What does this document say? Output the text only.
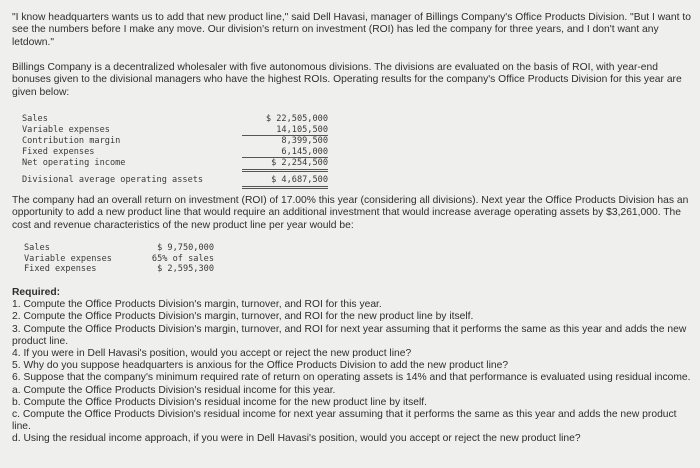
"I know headquarters wants us to add that new product line," said Dell Havasi, manager of Billings Company's Office Products Division. "But I want to see the numbers before I make any move. Our division's return on investment (ROI) has led the company for three years, and I don't want any letdown."
Billings Company is a decentralized wholesaler with five autonomous divisions. The divisions are evaluated on the basis of ROI, with year-end bonuses given to the divisional managers who have the highest ROIs. Operating results for the company's Office Products Division for this year are given below:
Sales	$ 22,505,000
Variable expenses	14,105,500
Contribution margin	8,399,500
Fixed expenses	6,145,000
Net operating income	$ 2,254,500
Divisional average operating assets	$ 4,687,500
The company had an overall return on investment (ROI) of 17.00% this year (considering all divisions). Next year the Office Products Division has an opportunity to add a new product line that would require an additional investment that would increase average operating assets by $3,261,000. The cost and revenue characteristics of the new product line per year would be:
Sales	$ 9,750,000
Variable expenses	65% of sales
Fixed expenses	$ 2,595,300
Required:
1. Compute the Office Products Division's margin, turnover, and ROI for this year.
2. Compute the Office Products Division's margin, turnover, and ROI for the new product line by itself.
3. Compute the Office Products Division's margin, turnover, and ROI for next year assuming that it performs the same as this year and adds the new product line.
4. If you were in Dell Havasi's position, would you accept or reject the new product line?
5. Why do you suppose headquarters is anxious for the Office Products Division to add the new product line?
6. Suppose that the company's minimum required rate of return on operating assets is 14% and that performance is evaluated using residual income.
a. Compute the Office Products Division's residual income for this year.
b. Compute the Office Products Division's residual income for the new product line by itself.
c. Compute the Office Products Division's residual income for next year assuming that it performs the same as this year and adds the new product line.
d. Using the residual income approach, if you were in Dell Havasi's position, would you accept or reject the new product line?
